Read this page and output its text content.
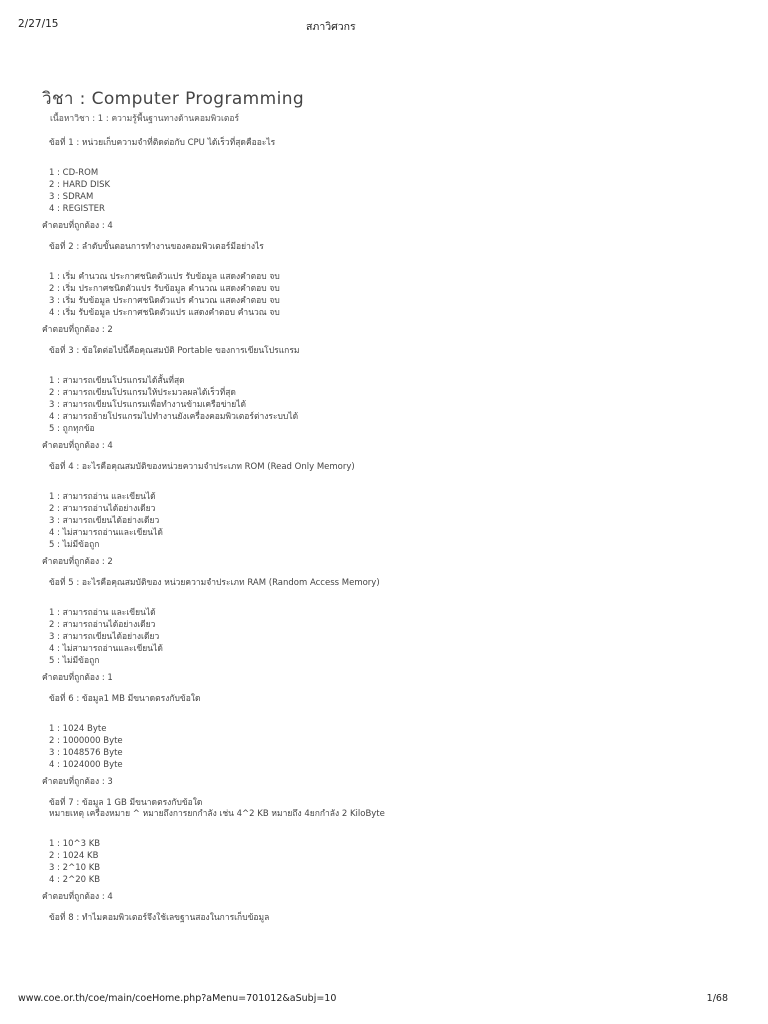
2/27/15	สภาวิศวกร
วิชา : Computer Programming
เนื้อหาวิชา : 1 : ความรู้พื้นฐานทางด้านคอมพิวเตอร์
ข้อที่ 1 : หน่วยเก็บความจำที่ติดต่อกับ CPU ได้เร็วที่สุดคืออะไร
1 : CD-ROM
2 : HARD DISK
3 : SDRAM
4 : REGISTER
คำตอบที่ถูกต้อง : 4
ข้อที่ 2 : ลำดับขั้นตอนการทำงานของคอมพิวเตอร์มีอย่างไร
1 : เริ่ม คำนวณ ประกาศชนิดตัวแปร รับข้อมูล แสดงคำตอบ จบ
2 : เริ่ม ประกาศชนิดตัวแปร รับข้อมูล คำนวณ แสดงคำตอบ จบ
3 : เริ่ม รับข้อมูล ประกาศชนิดตัวแปร คำนวณ แสดงคำตอบ จบ
4 : เริ่ม รับข้อมูล ประกาศชนิดตัวแปร แสดงคำตอบ คำนวณ จบ
คำตอบที่ถูกต้อง : 2
ข้อที่ 3 : ข้อใดต่อไปนี้คือคุณสมบัติ Portable ของการเขียนโปรแกรม
1 : สามารถเขียนโปรแกรมได้สั้นที่สุด
2 : สามารถเขียนโปรแกรมให้ประมวลผลได้เร็วที่สุด
3 : สามารถเขียนโปรแกรมเพื่อทำงานข้ามเครือข่ายได้
4 : สามารถย้ายโปรแกรมไปทำงานยังเครื่องคอมพิวเตอร์ต่างระบบได้
5 : ถูกทุกข้อ
คำตอบที่ถูกต้อง : 4
ข้อที่ 4 : อะไรคือคุณสมบัติของหน่วยความจำประเภท ROM (Read Only Memory)
1 : สามารถอ่าน และเขียนได้
2 : สามารถอ่านได้อย่างเดียว
3 : สามารถเขียนได้อย่างเดียว
4 : ไม่สามารถอ่านและเขียนได้
5 : ไม่มีข้อถูก
คำตอบที่ถูกต้อง : 2
ข้อที่ 5 : อะไรคือคุณสมบัติของ หน่วยความจำประเภท RAM (Random Access Memory)
1 : สามารถอ่าน และเขียนได้
2 : สามารถอ่านได้อย่างเดียว
3 : สามารถเขียนได้อย่างเดียว
4 : ไม่สามารถอ่านและเขียนได้
5 : ไม่มีข้อถูก
คำตอบที่ถูกต้อง : 1
ข้อที่ 6 : ข้อมูล1 MB มีขนาดตรงกับข้อใด
1 : 1024 Byte
2 : 1000000 Byte
3 : 1048576 Byte
4 : 1024000 Byte
คำตอบที่ถูกต้อง : 3
ข้อที่ 7 : ข้อมูล 1 GB มีขนาดตรงกับข้อใด
หมายเหตุ เครื่องหมาย ^ หมายถึงการยกกำลัง เช่น 4^2 KB หมายถึง 4ยกกำลัง 2 KiloByte
1 : 10^3 KB
2 : 1024 KB
3 : 2^10 KB
4 : 2^20 KB
คำตอบที่ถูกต้อง : 4
ข้อที่ 8 : ทำไมคอมพิวเตอร์จึงใช้เลขฐานสองในการเก็บข้อมูล
www.coe.or.th/coe/main/coeHome.php?aMenu=701012&aSubj=10	1/68
